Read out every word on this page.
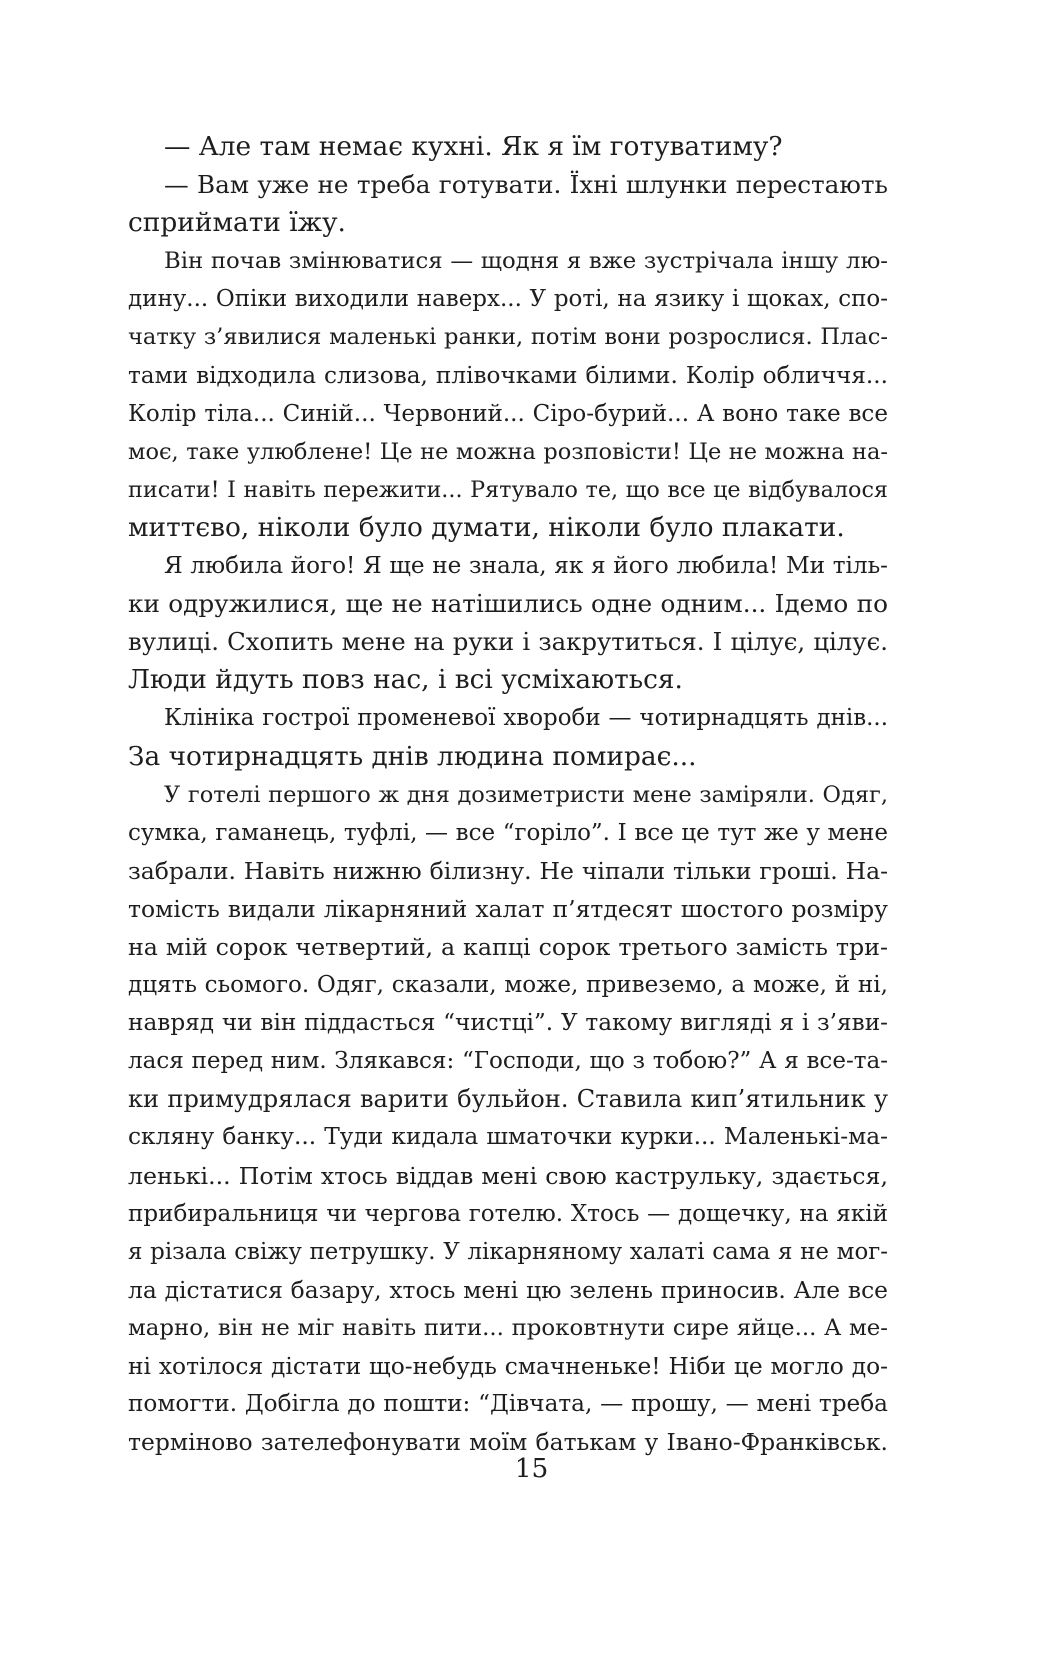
— Але там немає кухні. Як я їм готуватиму?
— Вам уже не треба готувати. Їхні шлунки перестають
сприймати їжу.
Він почав змінюватися — щодня я вже зустрічала іншу лю-
дину... Опіки виходили наверх... У роті, на язику і щоках, спо-
чатку з’явилися маленькі ранки, потім вони розрослися. Плас-
тами відходила слизова, плівочками білими. Колір обличчя...
Колір тіла... Синій... Червоний... Сіро-бурий... А воно таке все
моє, таке улюблене! Це не можна розповісти! Це не можна на-
писати! І навіть пережити... Рятувало те, що все це відбувалося
миттєво, ніколи було думати, ніколи було плакати.
Я любила його! Я ще не знала, як я його любила! Ми тіль-
ки одружилися, ще не натішились одне одним... Ідемо по
вулиці. Схопить мене на руки і закрутиться. І цілує, цілує.
Люди йдуть повз нас, і всі усміхаються.
Клініка гострої променевої хвороби — чотирнадцять днів...
За чотирнадцять днів людина помирає...
У готелі першого ж дня дозиметристи мене заміряли. Одяг,
сумка, гаманець, туфлі, — все “горіло”. І все це тут же у мене
забрали. Навіть нижню білизну. Не чіпали тільки гроші. На-
томість видали лікарняний халат п’ятдесят шостого розміру
на мій сорок четвертий, а капці сорок третього замість три-
дцять сьомого. Одяг, сказали, може, привеземо, а може, й ні,
навряд чи він піддасться “чистці”. У такому вигляді я і з’яви-
лася перед ним. Злякався: “Господи, що з тобою?” А я все-та-
ки примудрялася варити бульйон. Ставила кип’ятильник у
скляну банку... Туди кидала шматочки курки... Маленькі-ма-
ленькі... Потім хтось віддав мені свою каструльку, здається,
прибиральниця чи чергова готелю. Хтось — дощечку, на якій
я різала свіжу петрушку. У лікарняному халаті сама я не мог-
ла дістатися базару, хтось мені цю зелень приносив. Але все
марно, він не міг навіть пити... проковтнути сире яйце... А ме-
ні хотілося дістати що-небудь смачненьке! Ніби це могло до-
помогти. Добігла до пошти: “Дівчата, — прошу, — мені треба
терміново зателефонувати моїм батькам у Івано-Франківськ.
15
